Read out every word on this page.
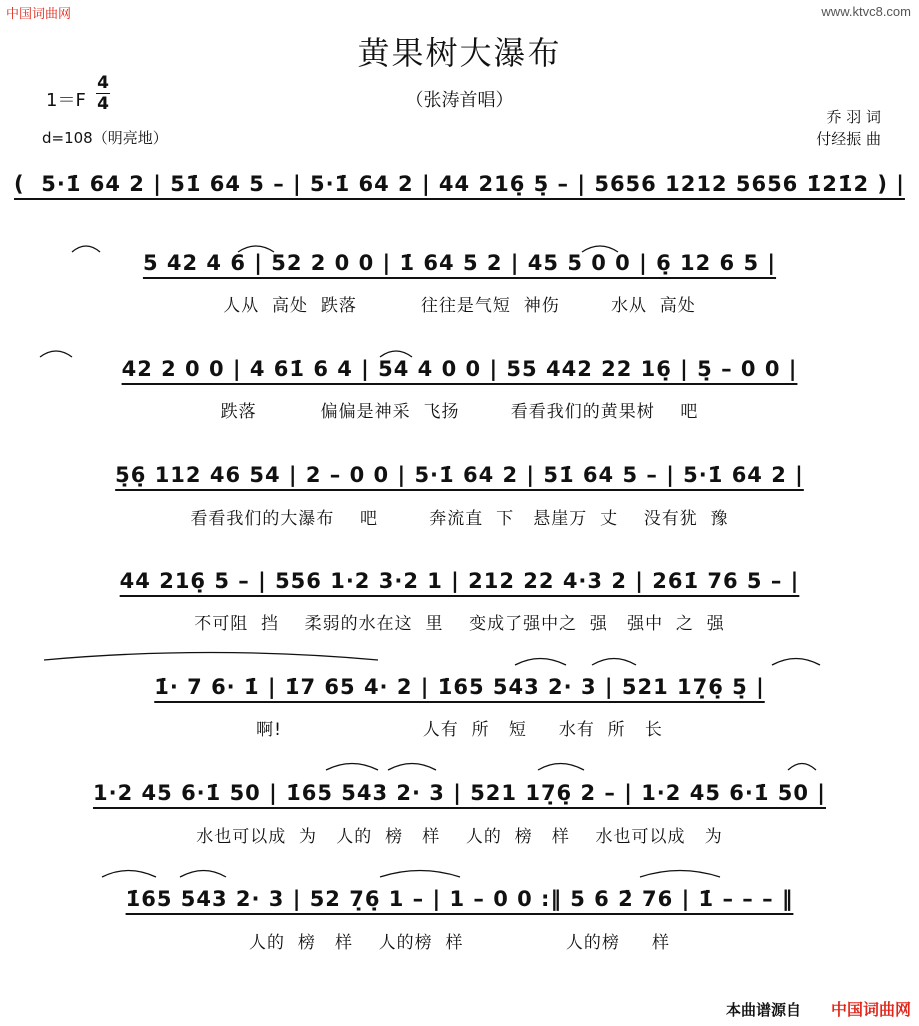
中国词曲网	www.ktvc8.com
黄果树大瀑布
（张涛首唱）
1＝F
4
4
d=108（明亮地）
乔 羽 词
付经振 曲
(  5·1̇ 64 2 | 51̇ 64 5 – | 5·1̇ 64 2 | 44 216̣ 5̣ – | 5656 1212 5656 1̇21̇2 ) |
5 42 4 6 | 52 2 0 0 | 1̇ 64 5 2 | 45 5 0 0 | 6̣ 12 6 5 |
人从  高处  跌落          往往是气短  神伤        水从  高处
42 2 0 0 | 4 61̇ 6 4 | 54 4 0 0 | 55 442 22 16̣ | 5̣ – 0 0 |
跌落          偏偏是神采  飞扬        看看我们的黄果树    吧
5̣6̣ 112 46 54 | 2 – 0 0 | 5·1̇ 64 2 | 51̇ 64 5 – | 5·1̇ 64 2 |
看看我们的大瀑布    吧        奔流直  下   悬崖万  丈    没有犹  豫
44 216̣ 5 – | 556 1·2 3·2 1 | 212 22 4·3 2 | 261̇ 76 5 – |
不可阻  挡    柔弱的水在这  里    变成了强中之  强   强中  之  强
1̇· 7 6· 1̇ | 1̇7 65 4· 2 | 1̇65 543 2· 3 | 521 17̣6̣ 5̣ |
啊!                      人有  所   短     水有  所   长
1·2 45 6·1̇ 50 | 1̇65 543 2· 3 | 521 17̣6̣ 2 – | 1·2 45 6·1̇ 50 |
水也可以成  为   人的  榜   样    人的  榜   样    水也可以成   为
1̇65 543 2· 3 | 52 7̣6̣ 1 – | 1 – 0 0 :‖ 5 6 2̇ 76 | 1̇ – – – ‖
人的  榜   样    人的榜  样                人的榜     样
本曲谱源自 中国词曲网
